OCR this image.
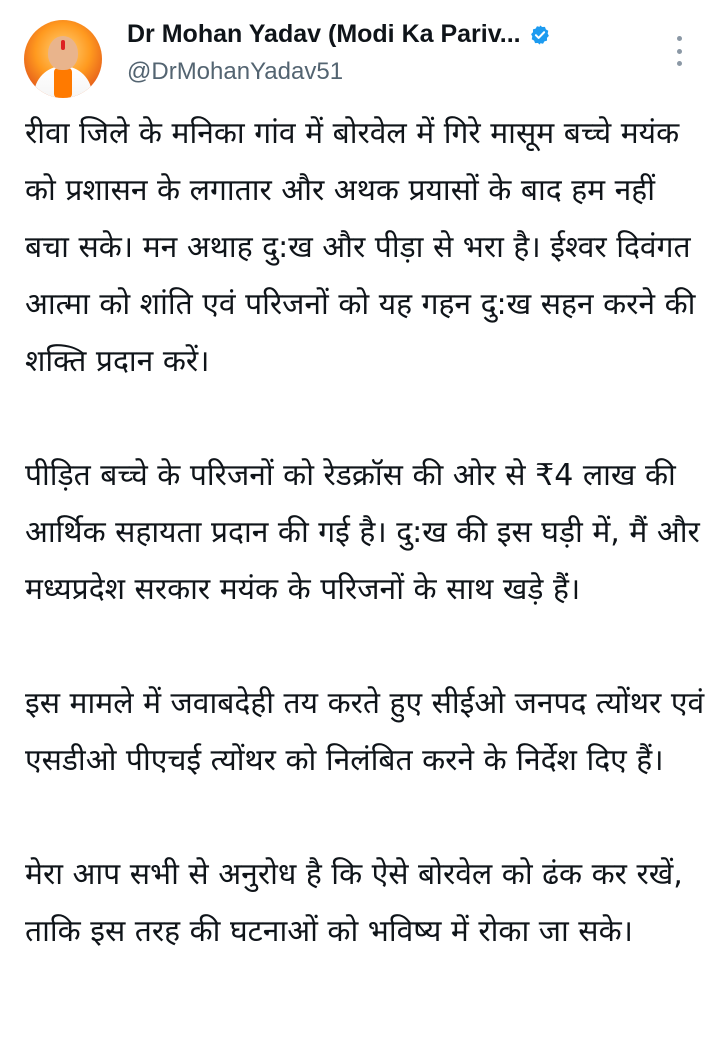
Dr Mohan Yadav (Modi Ka Pariv...
@DrMohanYadav51

रीवा जिले के मनिका गांव में बोरवेल में गिरे मासूम बच्चे मयंक को प्रशासन के लगातार और अथक प्रयासों के बाद हम नहीं बचा सके। मन अथाह दु:ख और पीड़ा से भरा है। ईश्वर दिवंगत आत्मा को शांति एवं परिजनों को यह गहन दु:ख सहन करने की शक्ति प्रदान करें।

पीड़ित बच्चे के परिजनों को रेडक्रॉस की ओर से ₹4 लाख की आर्थिक सहायता प्रदान की गई है। दु:ख की इस घड़ी में, मैं और मध्यप्रदेश सरकार मयंक के परिजनों के साथ खड़े हैं।

इस मामले में जवाबदेही तय करते हुए सीईओ जनपद त्योंथर एवं एसडीओ पीएचई त्योंथर को निलंबित करने के निर्देश दिए हैं।

मेरा आप सभी से अनुरोध है कि ऐसे बोरवेल को ढंक कर रखें, ताकि इस तरह की घटनाओं को भविष्य में रोका जा सके।
